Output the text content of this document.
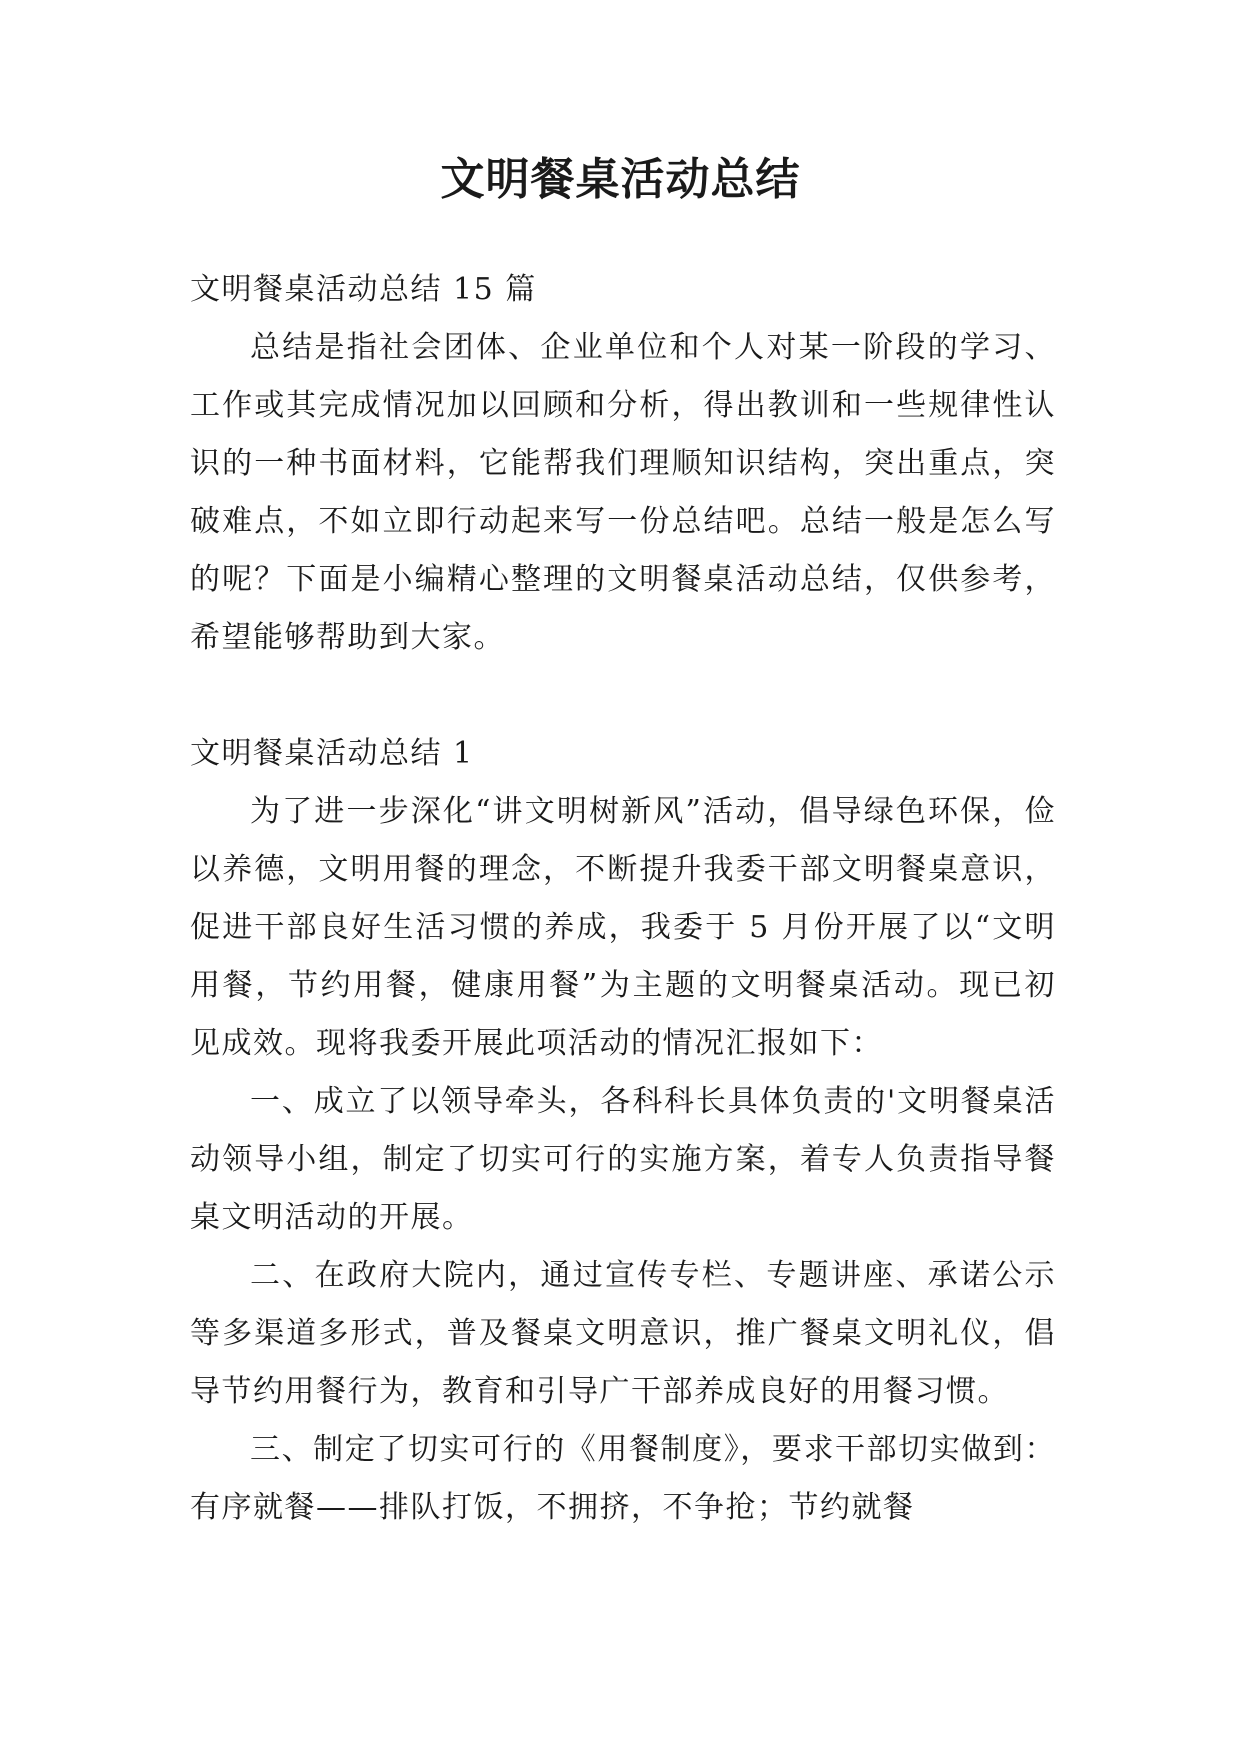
文明餐桌活动总结

文明餐桌活动总结 15 篇

总结是指社会团体、企业单位和个人对某一阶段的学习、工作或其完成情况加以回顾和分析，得出教训和一些规律性认识的一种书面材料，它能帮我们理顺知识结构，突出重点，突破难点，不如立即行动起来写一份总结吧。总结一般是怎么写的呢？下面是小编精心整理的文明餐桌活动总结，仅供参考，希望能够帮助到大家。

文明餐桌活动总结 1

为了进一步深化“讲文明树新风”活动，倡导绿色环保，俭以养德，文明用餐的理念，不断提升我委干部文明餐桌意识，促进干部良好生活习惯的养成，我委于 5 月份开展了以“文明用餐，节约用餐，健康用餐”为主题的文明餐桌活动。现已初见成效。现将我委开展此项活动的情况汇报如下：

一、成立了以领导牵头，各科科长具体负责的'文明餐桌活动领导小组，制定了切实可行的实施方案，着专人负责指导餐桌文明活动的开展。

二、在政府大院内，通过宣传专栏、专题讲座、承诺公示等多渠道多形式，普及餐桌文明意识，推广餐桌文明礼仪，倡导节约用餐行为，教育和引导广干部养成良好的用餐习惯。

三、制定了切实可行的《用餐制度》，要求干部切实做到：有序就餐——排队打饭，不拥挤，不争抢；节约就餐
